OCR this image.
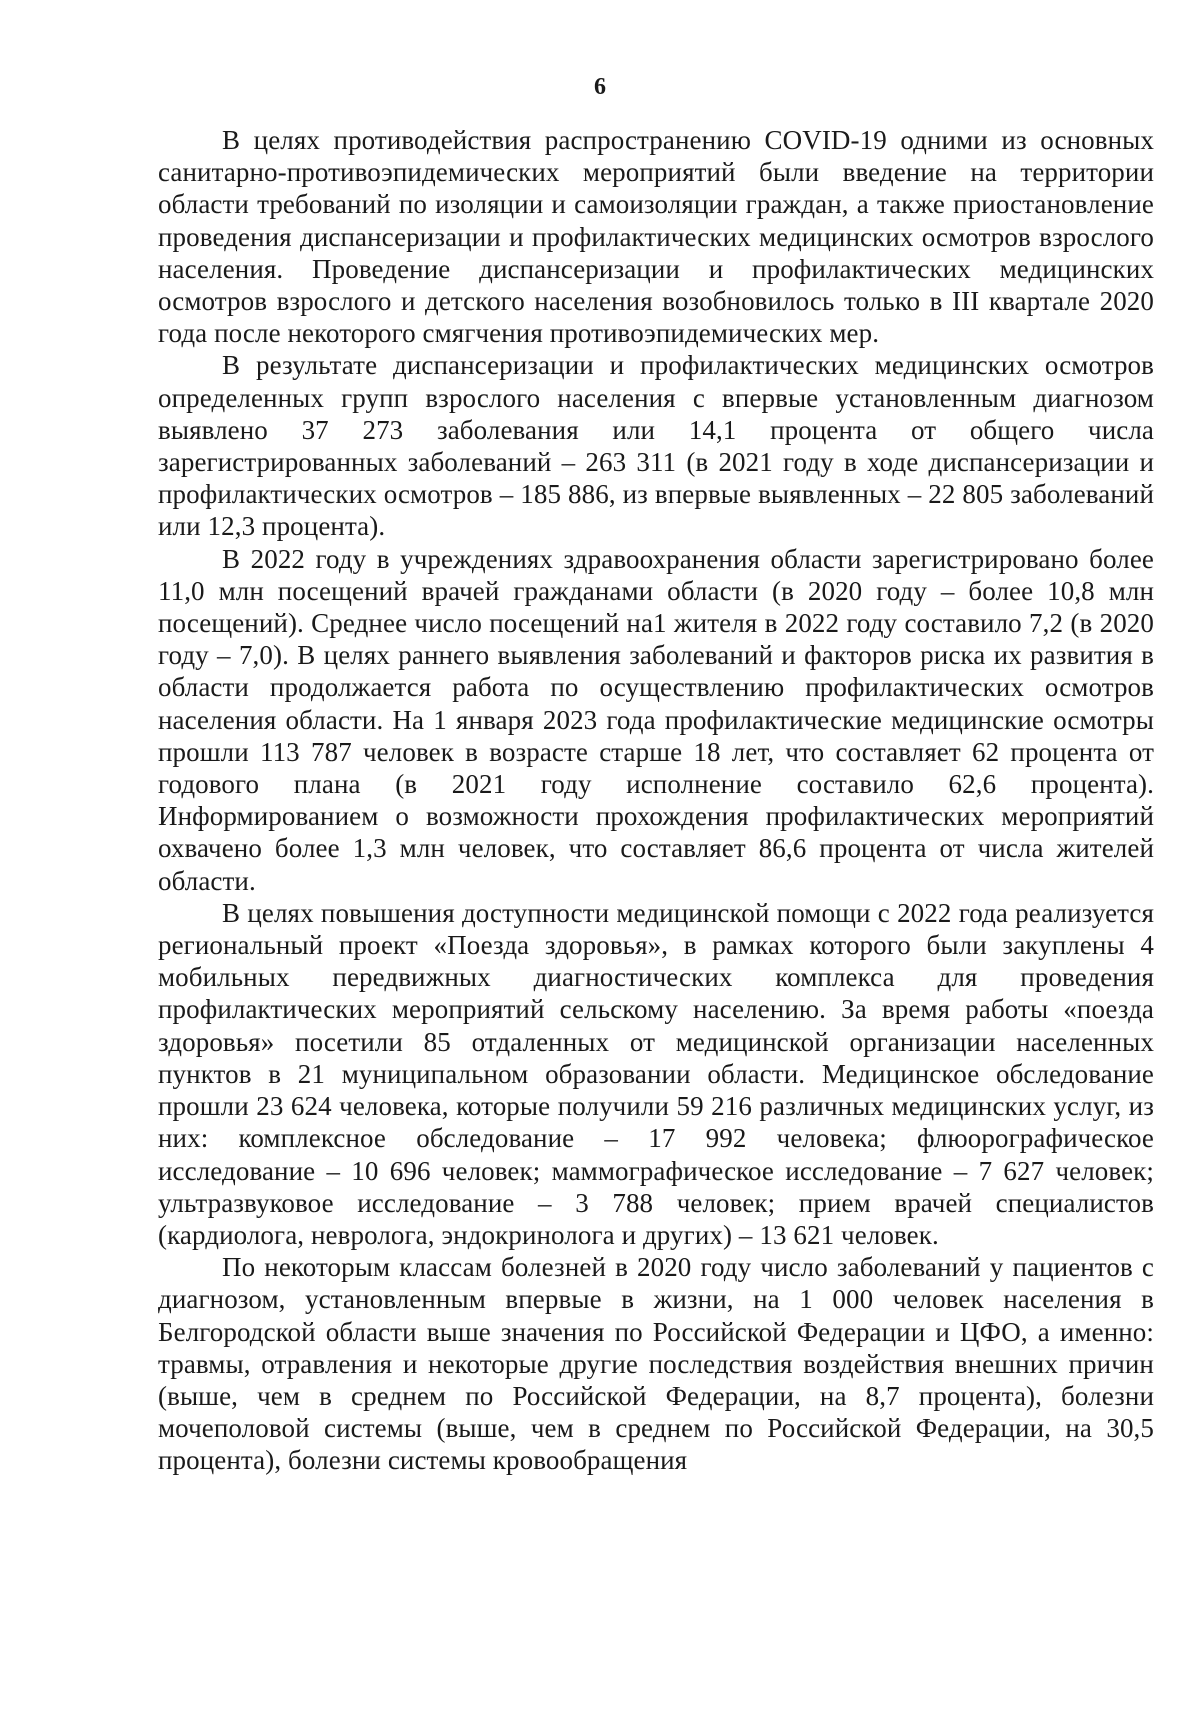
6

В целях противодействия распространению COVID-19 одними из основных санитарно-противоэпидемических мероприятий были введение на территории области требований по изоляции и самоизоляции граждан, а также приостановление проведения диспансеризации и профилактических медицинских осмотров взрослого населения. Проведение диспансеризации и профилактических медицинских осмотров взрослого и детского населения возобновилось только в III квартале 2020 года после некоторого смягчения противоэпидемических мер.

В результате диспансеризации и профилактических медицинских осмотров определенных групп взрослого населения с впервые установленным диагнозом выявлено 37 273 заболевания или 14,1 процента от общего числа зарегистрированных заболеваний – 263 311 (в 2021 году в ходе диспансеризации и профилактических осмотров – 185 886, из впервые выявленных – 22 805 заболеваний или 12,3 процента).

В 2022 году в учреждениях здравоохранения области зарегистрировано более 11,0 млн посещений врачей гражданами области (в 2020 году – более 10,8 млн посещений). Среднее число посещений на1 жителя в 2022 году составило 7,2 (в 2020 году – 7,0). В целях раннего выявления заболеваний и факторов риска их развития в области продолжается работа по осуществлению профилактических осмотров населения области. На 1 января 2023 года профилактические медицинские осмотры прошли 113 787 человек в возрасте старше 18 лет, что составляет 62 процента от годового плана (в 2021 году исполнение составило 62,6 процента). Информированием о возможности прохождения профилактических мероприятий охвачено более 1,3 млн человек, что составляет 86,6 процента от числа жителей области.

В целях повышения доступности медицинской помощи с 2022 года реализуется региональный проект «Поезда здоровья», в рамках которого были закуплены 4 мобильных передвижных диагностических комплекса для проведения профилактических мероприятий сельскому населению. За время работы «поезда здоровья» посетили 85 отдаленных от медицинской организации населенных пунктов в 21 муниципальном образовании области. Медицинское обследование прошли 23 624 человека, которые получили 59 216 различных медицинских услуг, из них: комплексное обследование – 17 992 человека; флюорографическое исследование – 10 696 человек; маммографическое исследование – 7 627 человек; ультразвуковое исследование – 3 788 человек; прием врачей специалистов (кардиолога, невролога, эндокринолога и других) – 13 621 человек.

По некоторым классам болезней в 2020 году число заболеваний у пациентов с диагнозом, установленным впервые в жизни, на 1 000 человек населения в Белгородской области выше значения по Российской Федерации и ЦФО, а именно: травмы, отравления и некоторые другие последствия воздействия внешних причин (выше, чем в среднем по Российской Федерации, на 8,7 процента), болезни мочеполовой системы (выше, чем в среднем по Российской Федерации, на 30,5 процента), болезни системы кровообращения
